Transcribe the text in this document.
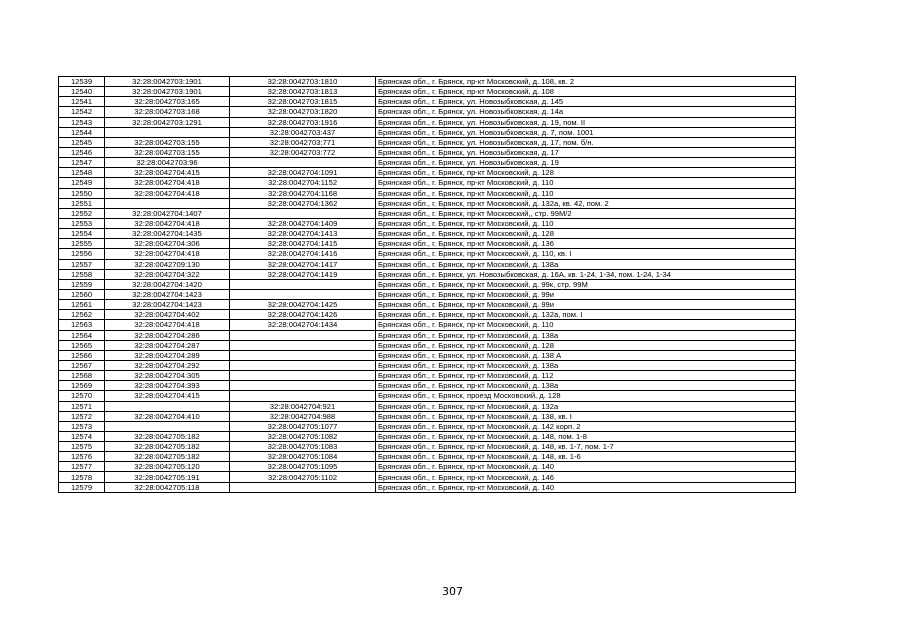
12539	32:28:0042703:1901	32:28:0042703:1810	Брянская обл., г. Брянск, пр-кт Московский, д. 108, кв. 2
12540	32:28:0042703:1901	32:28:0042703:1813	Брянская обл., г. Брянск, пр-кт Московский, д. 108
12541	32:28:0042703:165	32:28:0042703:1815	Брянская обл., г. Брянск, ул. Новозыбковская, д. 145
12542	32:28:0042703:168	32:28:0042703:1820	Брянская обл., г. Брянск, ул. Новозыбковская, д. 14а
12543	32:28:0042703:1291	32:28:0042703:1916	Брянская обл., г. Брянск, ул. Новозыбковская, д. 19, пом. II
12544		32:28:0042703:437	Брянская обл., г. Брянск, ул. Новозыбковская, д. 7, пом. 1001
12545	32:28:0042703:155	32:28:0042703:771	Брянская обл., г. Брянск, ул. Новозыбковская, д. 17, пом. б/н.
12546	32:28:0042703:155	32:28:0042703:772	Брянская обл., г. Брянск, ул. Новозыбковская, д. 17
12547	32:28:0042703:96		Брянская обл., г. Брянск, ул. Новозыбковская, д. 19
12548	32:28:0042704:415	32:28:0042704:1091	Брянская обл., г. Брянск, пр-кт Московский, д. 128
12549	32:28:0042704:418	32:28:0042704:1152	Брянская обл., г. Брянск, пр-кт Московский, д. 110
12550	32:28:0042704:418	32:28:0042704:1168	Брянская обл., г. Брянск, пр-кт Московский, д. 110
12551		32:28:0042704:1362	Брянская обл., г. Брянск, пр-кт Московский, д. 132а, кв. 42, пом. 2
12552	32:28:0042704:1407		Брянская обл., г. Брянск, пр-кт Московский,, стр. 99М/2
12553	32:28:0042704:418	32:28:0042704:1409	Брянская обл., г. Брянск, пр-кт Московский, д. 110
12554	32:28:0042704:1435	32:28:0042704:1413	Брянская обл., г. Брянск, пр-кт Московский, д. 128
12555	32:28:0042704:306	32:28:0042704:1415	Брянская обл., г. Брянск, пр-кт Московский, д. 136
12556	32:28:0042704:418	32:28:0042704:1416	Брянская обл., г. Брянск, пр-кт Московский, д. 110, кв. I
12557	32:28:0042709:130	32:28:0042704:1417	Брянская обл., г. Брянск, пр-кт Московский, д. 138а
12558	32:28:0042704:322	32:28:0042704:1419	Брянская обл., г. Брянск, ул. Новозыбковская, д. 16А, кв. 1-24, 1-34, пом. 1-24, 1-34
12559	32:28:0042704:1420		Брянская обл., г. Брянск, пр-кт Московский, д. 99к, стр. 99М
12560	32:28:0042704:1423		Брянская обл., г. Брянск, пр-кт Московский, д. 99и
12561	32:28:0042704:1423	32:28:0042704:1425	Брянская обл., г. Брянск, пр-кт Московский, д. 99и
12562	32:28:0042704:402	32:28:0042704:1426	Брянская обл., г. Брянск, пр-кт Московский, д. 132а, пом. I
12563	32:28:0042704:418	32:28:0042704:1434	Брянская обл., г. Брянск, пр-кт Московский, д. 110
12564	32:28:0042704:286		Брянская обл., г. Брянск, пр-кт Московский, д. 138а
12565	32:28:0042704:287		Брянская обл., г. Брянск, пр-кт Московский, д. 128
12566	32:28:0042704:289		Брянская обл., г. Брянск, пр-кт Московский, д. 138 А
12567	32:28:0042704:292		Брянская обл., г. Брянск, пр-кт Московский, д. 138а
12568	32:28:0042704:305		Брянская обл., г. Брянск, пр-кт Московский, д. 112
12569	32:28:0042704:393		Брянская обл., г. Брянск, пр-кт Московский, д. 138а
12570	32:28:0042704:415		Брянская обл., г. Брянск, проезд Московский, д. 128
12571		32:28:0042704:921	Брянская обл., г. Брянск, пр-кт Московский, д. 132а
12572	32:28:0042704:410	32:28:0042704:988	Брянская обл., г. Брянск, пр-кт Московский, д. 138, кв. I
12573		32:28:0042705:1077	Брянская обл., г. Брянск, пр-кт Московский, д. 142 корп. 2
12574	32:28:0042705:182	32:28:0042705:1082	Брянская обл., г. Брянск, пр-кт Московский, д. 148, пом. 1-8
12575	32:28:0042705:182	32:28:0042705:1083	Брянская обл., г. Брянск, пр-кт Московский, д. 148, кв. 1-7, пом. 1-7
12576	32:28:0042705:182	32:28:0042705:1084	Брянская обл., г. Брянск, пр-кт Московский, д. 148, кв. 1-6
12577	32:28:0042705:120	32:28:0042705:1095	Брянская обл., г. Брянск, пр-кт Московский, д. 140
12578	32:28:0042705:191	32:28:0042705:1102	Брянская обл., г. Брянск, пр-кт Московский, д. 146
12579	32:28:0042705:118		Брянская обл., г. Брянск, пр-кт Московский, д. 140
307
